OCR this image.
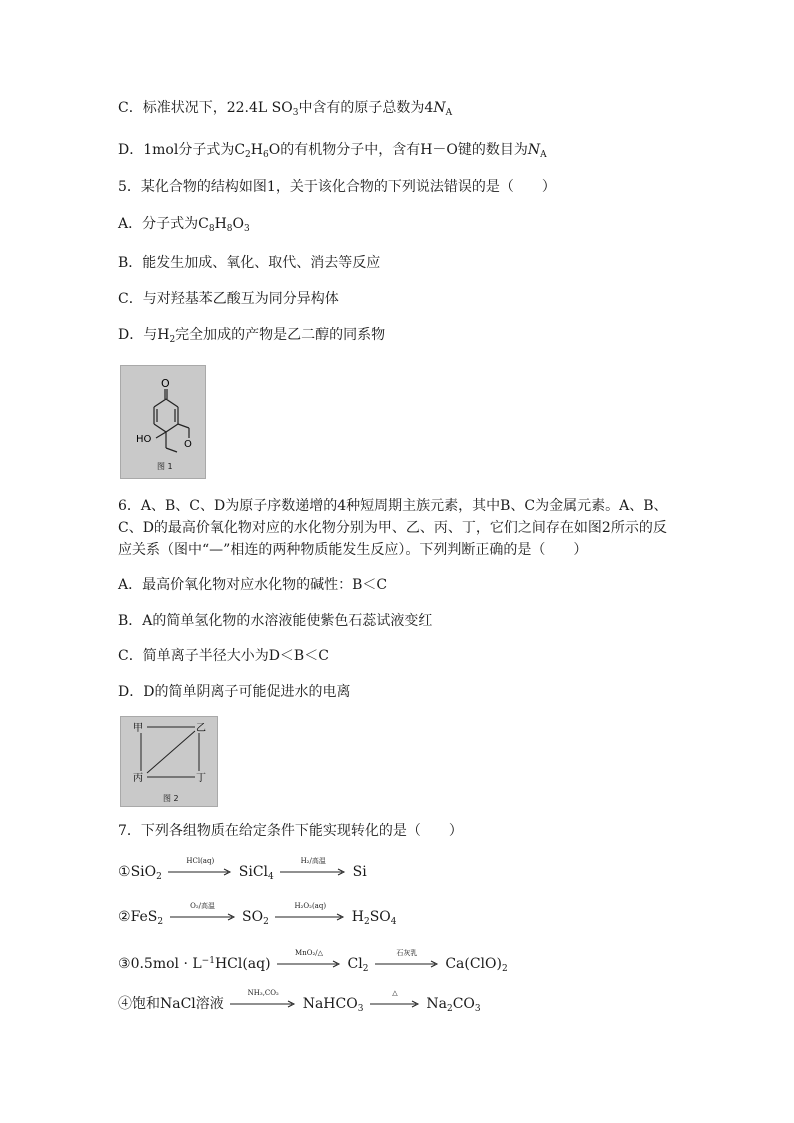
C．标准状况下，22.4L $SO_3$中含有的原子总数为$4N_A$
D．1mol分子式为$C_2H_6O$的有机物分子中，含有H－O键的数目为$N_A$
5．某化合物的结构如图1，关于该化合物的下列说法错误的是（　　）
A．分子式为$C_8H_8O_3$
B．能发生加成、氧化、取代、消去等反应
C．与对羟基苯乙酸互为同分异构体
D．与$H_2$完全加成的产物是乙二醇的同系物
O
HO	O
图 1
6．A、B、C、D为原子序数递增的4种短周期主族元素，其中B、C为金属元素。A、B、C、D的最高价氧化物对应的水化物分别为甲、乙、丙、丁，它们之间存在如图2所示的反应关系（图中“—”相连的两种物质能发生反应）。下列判断正确的是（　　）
A．最高价氧化物对应水化物的碱性：B＜C
B．A的简单氢化物的水溶液能使紫色石蕊试液变红
C．简单离子半径大小为D＜B＜C
D．D的简单阴离子可能促进水的电离
甲	乙
丙	丁
图 2
7．下列各组物质在给定条件下能实现转化的是（　　）
①SiO$_2$
HCl(aq)
SiCl$_4$
H₂/高温
Si
②FeS$_2$
O₂/高温
$SO_2$
H₂O₂(aq)
$H_2SO_4$
③0.5mol · $L^{-1}HCl(aq)$
MnO₂/△
$Cl_2$
石灰乳
$Ca(ClO)_2$
④饱和NaCl溶液
NH₃,CO₂
NaHCO$_3$
△
$Na_2CO_3$
